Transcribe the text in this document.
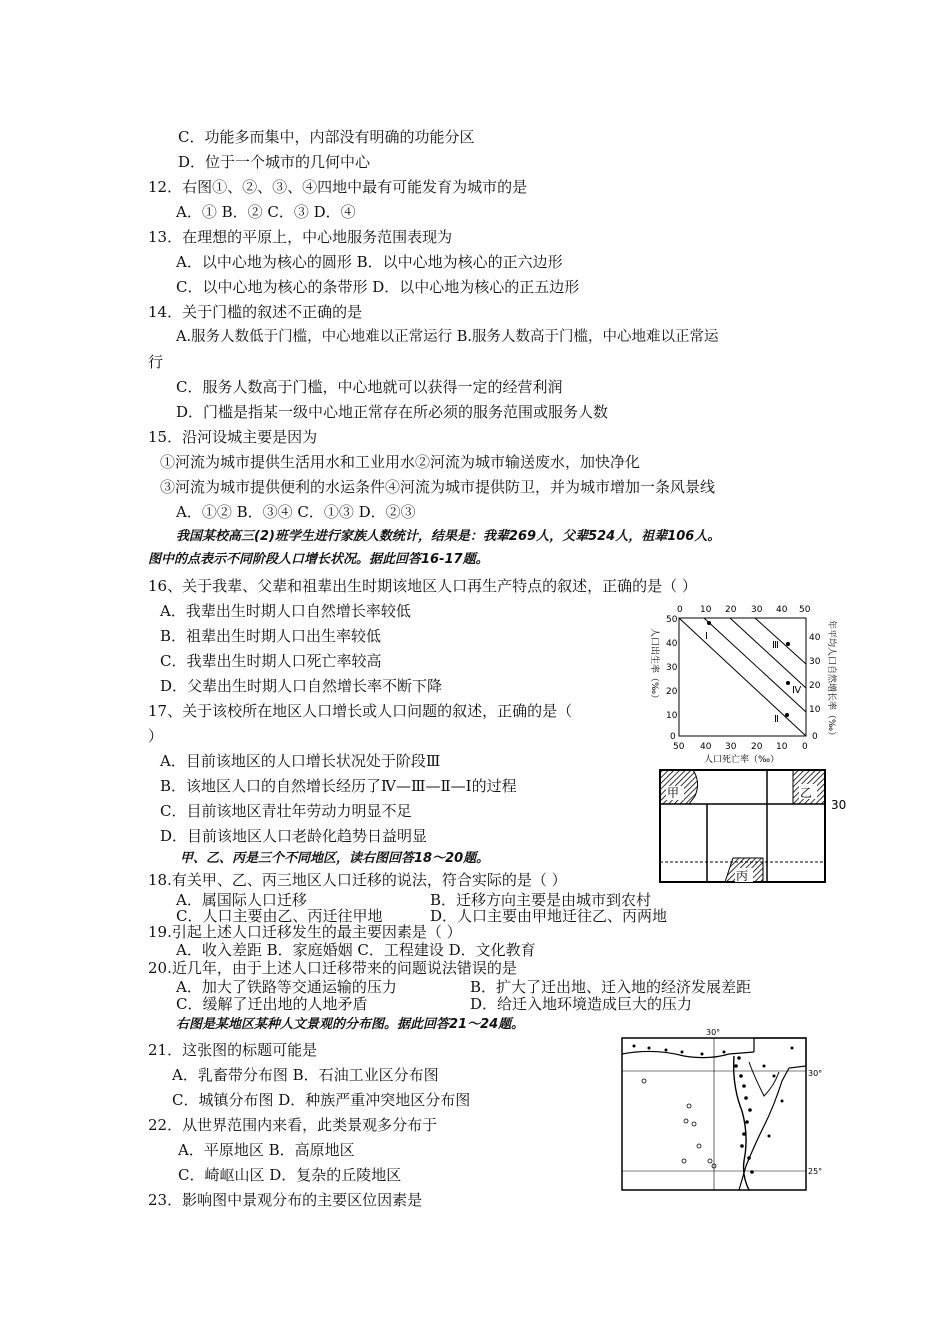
C．功能多而集中，内部没有明确的功能分区
D．位于一个城市的几何中心
12．右图①、②、③、④四地中最有可能发育为城市的是
A．① B．② C．③ D．④
13．在理想的平原上，中心地服务范围表现为
A．以中心地为核心的圆形 B．以中心地为核心的正六边形
C．以中心地为核心的条带形 D．以中心地为核心的正五边形
14．关于门槛的叙述不正确的是
A.服务人数低于门槛，中心地难以正常运行 B.服务人数高于门槛，中心地难以正常运
行
C．服务人数高于门槛，中心地就可以获得一定的经营利润
D．门槛是指某一级中心地正常存在所必须的服务范围或服务人数
15．沿河设城主要是因为
①河流为城市提供生活用水和工业用水②河流为城市输送废水，加快净化
③河流为城市提供便利的水运条件④河流为城市提供防卫，并为城市增加一条风景线
A．①② B．③④ C．①③ D．②③
我国某校高三(2)班学生进行家族人数统计，结果是：我辈269人，父辈524人，祖辈106人。
图中的点表示不同阶段人口增长状况。据此回答16-17题。
16、关于我辈、父辈和祖辈出生时期该地区人口再生产特点的叙述，正确的是（ ）
A．我辈出生时期人口自然增长率较低
B．祖辈出生时期人口出生率较低
C．我辈出生时期人口死亡率较高
D．父辈出生时期人口自然增长率不断下降
17、关于该校所在地区人口增长或人口问题的叙述，正确的是（
）
A．目前该地区的人口增长状况处于阶段Ⅲ
B．该地区人口的自然增长经历了Ⅳ—Ⅲ—Ⅱ—Ⅰ的过程
C．目前该地区青壮年劳动力明显不足
D．目前该地区人口老龄化趋势日益明显
甲、乙、丙是三个不同地区，读右图回答18～20题。
18.有关甲、乙、丙三地区人口迁移的说法，符合实际的是（ ）
A．属国际人口迁移	B．迁移方向主要是由城市到农村
C．人口主要由乙、丙迁往甲地	D．人口主要由甲地迁往乙、丙两地
19.引起上述人口迁移发生的最主要因素是（ ）
A．收入差距 B．家庭婚姻 C．工程建设 D．文化教育
20.近几年，由于上述人口迁移带来的问题说法错误的是
A．加大了铁路等交通运输的压力	B．扩大了迁出地、迁入地的经济发展差距
C．缓解了迁出地的人地矛盾	D．给迁入地环境造成巨大的压力
右图是某地区某种人文景观的分布图。据此回答21～24题。
21．这张图的标题可能是
A．乳畜带分布图 B．石油工业区分布图
C．城镇分布图 D．种族严重冲突地区分布图
22．从世界范围内来看，此类景观多分布于
A．平原地区 B．高原地区
C．崎岖山区 D．复杂的丘陵地区
23．影响图中景观分布的主要区位因素是
0 10 20 30 40 50
50 40 30 20 10 0
50
40
30
20
10
0
40
30
20
10
0
人口死亡率（‰）
Ⅰ
Ⅲ
Ⅳ
Ⅱ
人口出生率（‰）	年平均人口自然增长率（‰）
甲	乙
丙
30
30°
30°
25°
